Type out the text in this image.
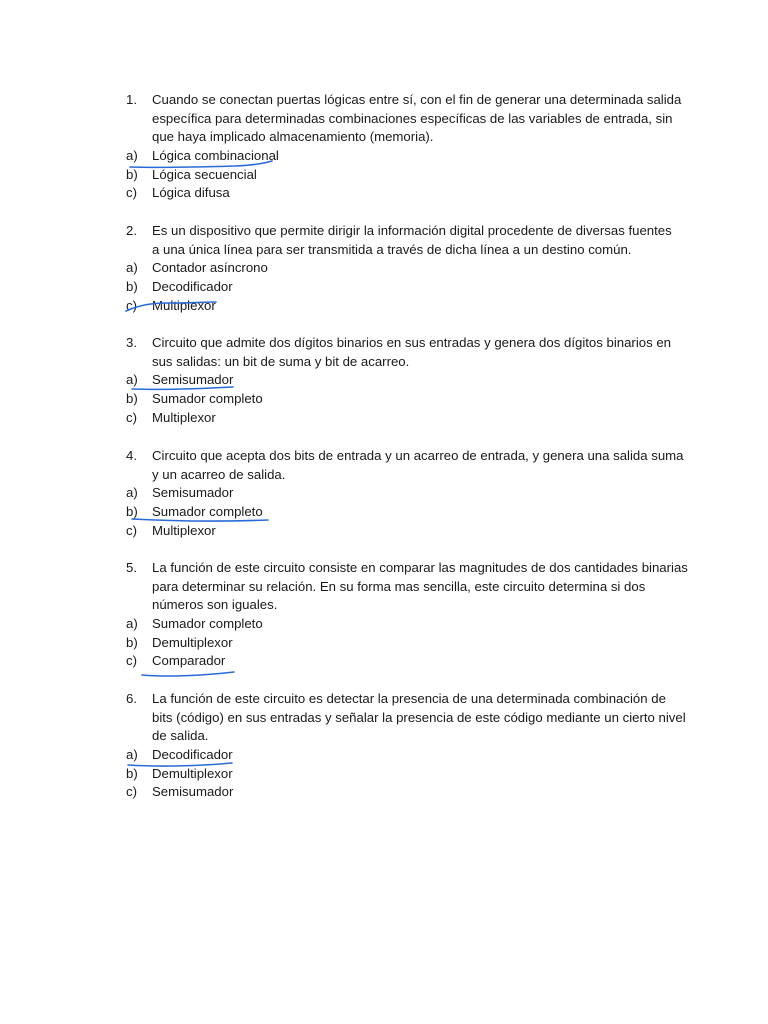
1.	Cuando se conectan puertas lógicas entre sí, con el fin de generar una determinada salida
específica para determinadas combinaciones específicas de las variables de entrada, sin
que haya implicado almacenamiento (memoria).
a) Lógica combinacional
b) Lógica secuencial
c) Lógica difusa
2.	Es un dispositivo que permite dirigir la información digital procedente de diversas fuentes
a una única línea para ser transmitida a través de dicha línea a un destino común.
a) Contador asíncrono
b) Decodificador
c) Multiplexor
3.	Circuito que admite dos dígitos binarios en sus entradas y genera dos dígitos binarios en
sus salidas: un bit de suma y bit de acarreo.
a) Semisumador
b) Sumador completo
c) Multiplexor
4.	Circuito que acepta dos bits de entrada y un acarreo de entrada, y genera una salida suma
y un acarreo de salida.
a) Semisumador
b) Sumador completo
c) Multiplexor
5.	La función de este circuito consiste en comparar las magnitudes de dos cantidades binarias
para determinar su relación. En su forma mas sencilla, este circuito determina si dos
números son iguales.
a) Sumador completo
b) Demultiplexor
c) Comparador
6.	La función de este circuito es detectar la presencia de una determinada combinación de
bits (código) en sus entradas y señalar la presencia de este código mediante un cierto nivel
de salida.
a) Decodificador
b) Demultiplexor
c) Semisumador
